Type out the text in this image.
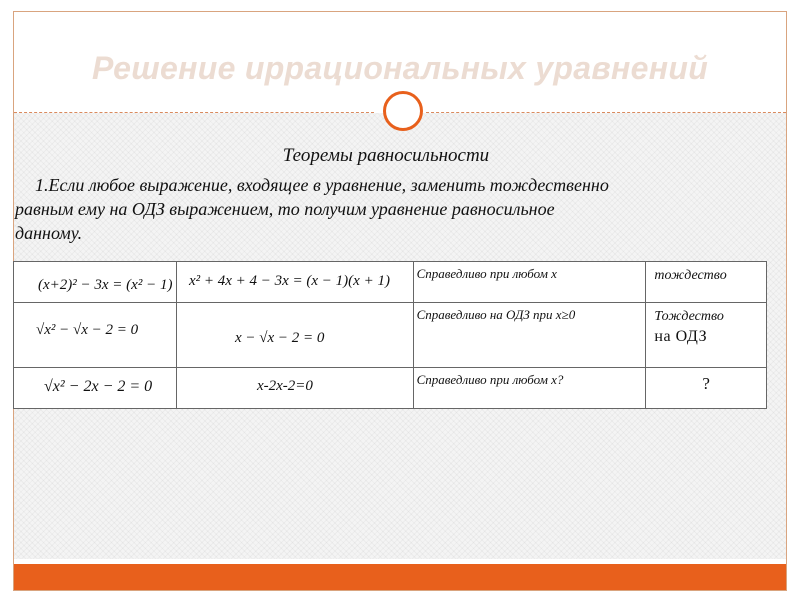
Решение иррациональных уравнений
Теоремы равносильности
1.Если любое выражение, входящее в уравнение, заменить тождественно
равным ему на ОДЗ выражением, то получим уравнение равносильное
данному.
(x+2)² − 3x = (x² − 1)	x² + 4x + 4 − 3x = (x − 1)(x + 1)	Справедливо при любом x	тождество

√x² − √x − 2 = 0	x − √x − 2 = 0	Справедливо на ОДЗ при x≥0	Тождество
на ОДЗ

√x² − 2x − 2 = 0	x-2x-2=0	Справедливо при любом x?	?
